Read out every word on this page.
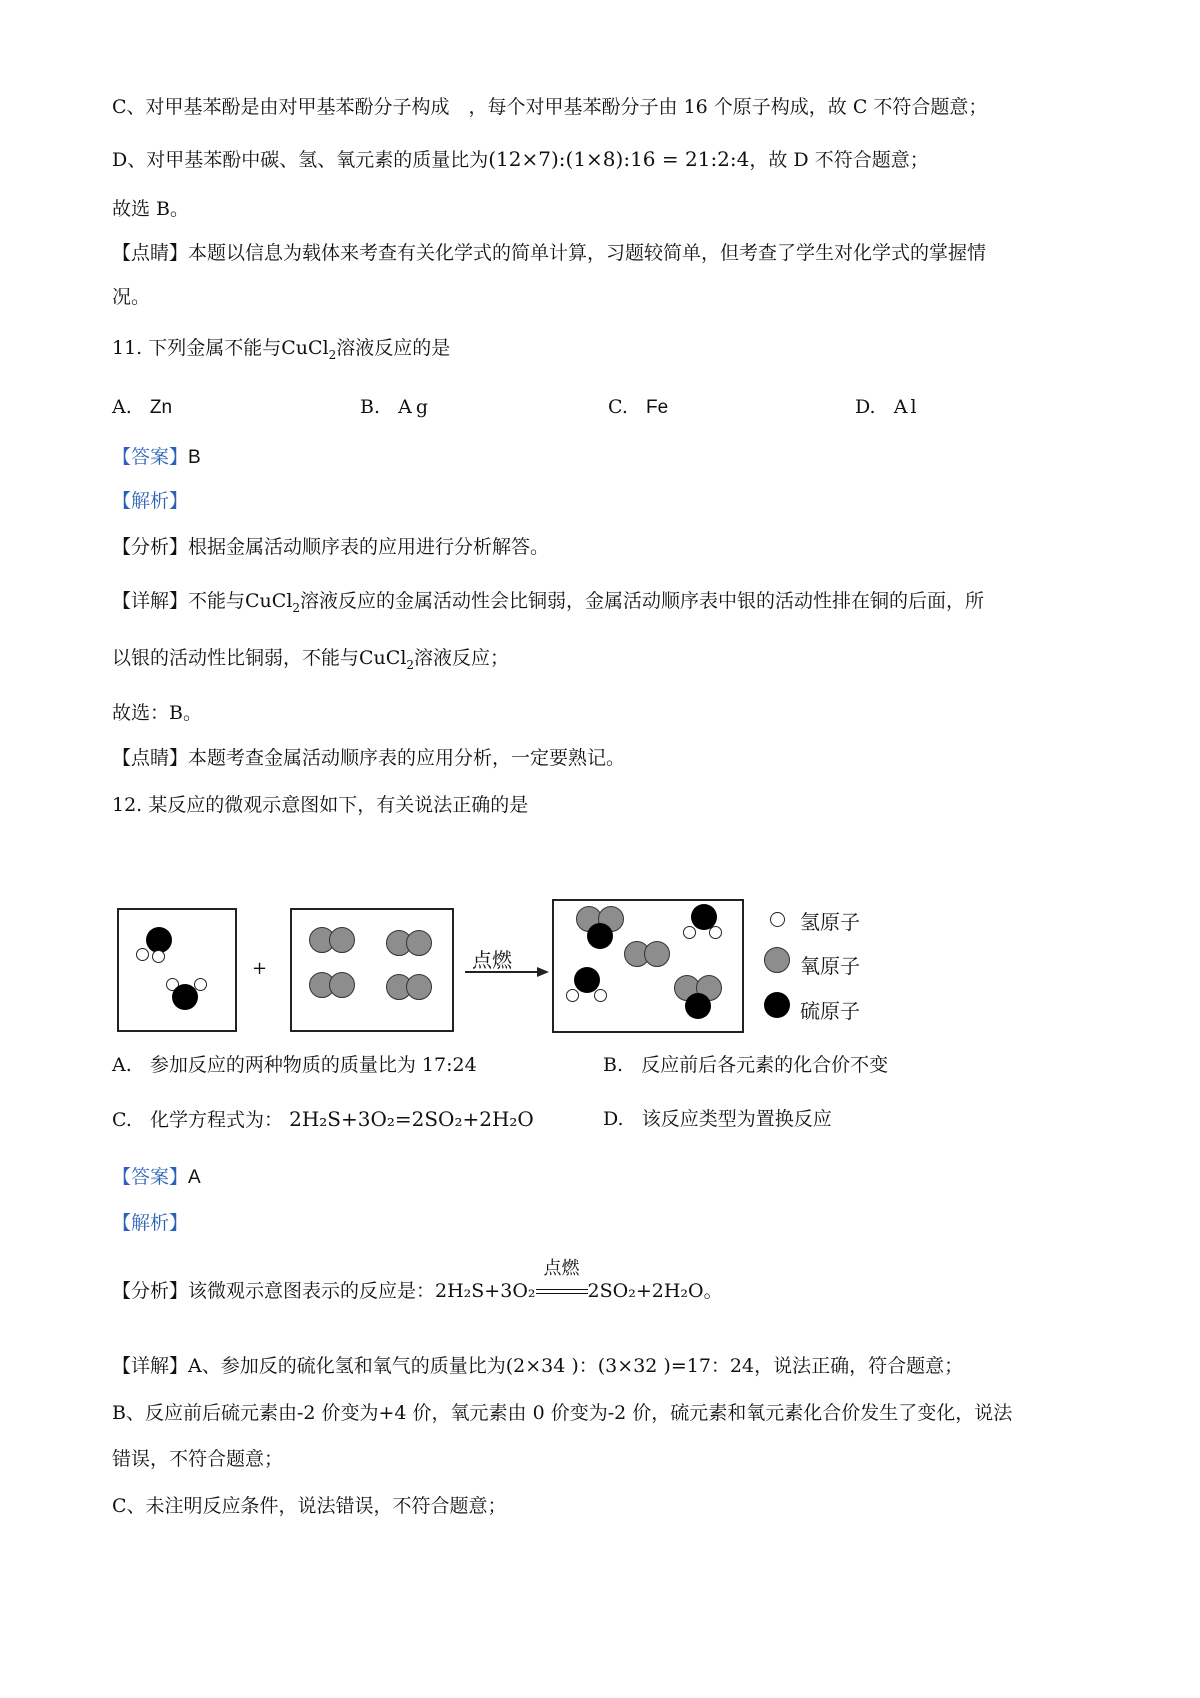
C、对甲基苯酚是由对甲基苯酚分子构成　，每个对甲基苯酚分子由 16 个原子构成，故 C 不符合题意；
D、对甲基苯酚中碳、氢、氧元素的质量比为(12×7):(1×8):16 = 21:2:4，故 D 不符合题意；
故选 B。
【点睛】本题以信息为载体来考查有关化学式的简单计算，习题较简单，但考查了学生对化学式的掌握情
况。
11. 下列金属不能与CuCl$_2$溶液反应的是
A. Zn	B. Ag	C. Fe	D. Al
【答案】B
【解析】
【分析】根据金属活动顺序表的应用进行分析解答。
【详解】不能与CuCl$_2$溶液反应的金属活动性会比铜弱，金属活动顺序表中银的活动性排在铜的后面，所
以银的活动性比铜弱，不能与CuCl$_2$溶液反应；
故选：B。
【点睛】本题考查金属活动顺序表的应用分析，一定要熟记。
12. 某反应的微观示意图如下，有关说法正确的是
+	点燃
氢原子
氧原子
硫原子
A. 参加反应的两种物质的质量比为 17:24	B. 反应前后各元素的化合价不变
C. 化学方程式为： 2H₂S+3O₂=2SO₂+2H₂O	D. 该反应类型为置换反应
【答案】A
【解析】
【分析】该微观示意图表示的反应是：2H₂S+3O₂
点燃
2SO₂+2H₂O。
【详解】A、参加反的硫化氢和氧气的质量比为(2×34 )：(3×32 )=17：24，说法正确，符合题意；
B、反应前后硫元素由-2 价变为+4 价，氧元素由 0 价变为-2 价，硫元素和氧元素化合价发生了变化，说法
错误，不符合题意；
C、未注明反应条件，说法错误，不符合题意；
